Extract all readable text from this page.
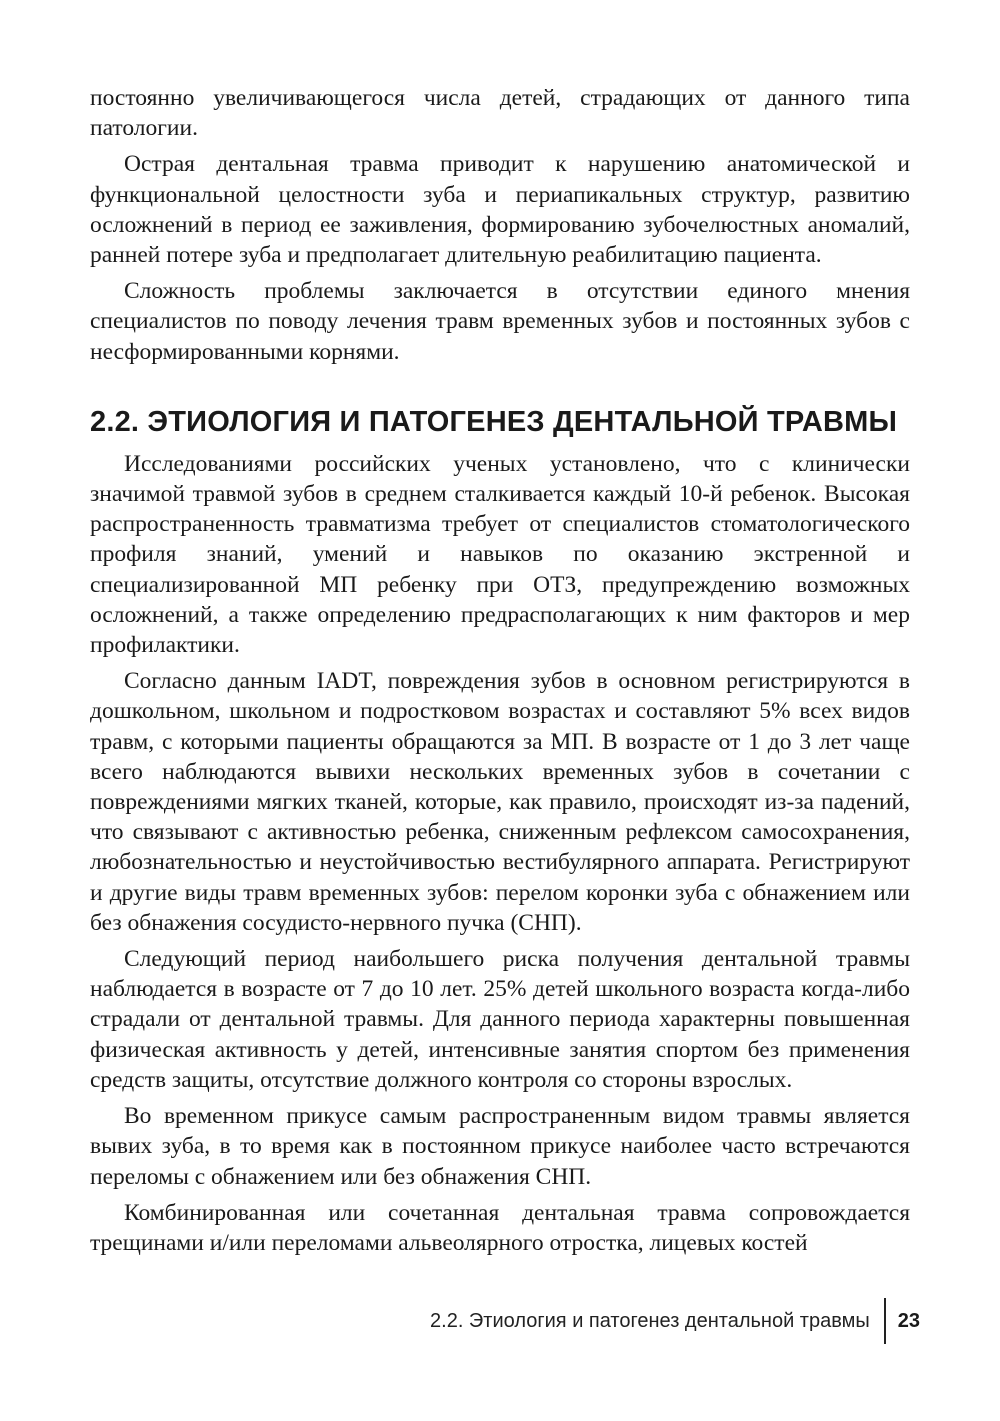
постоянно увеличивающегося числа детей, страдающих от данного типа патологии.

Острая дентальная травма приводит к нарушению анатомической и функциональной целостности зуба и периапикальных структур, развитию осложнений в период ее заживления, формированию зубочелюстных аномалий, ранней потере зуба и предполагает длительную реабилитацию пациента.

Сложность проблемы заключается в отсутствии единого мнения специалистов по поводу лечения травм временных зубов и постоянных зубов с несформированными корнями.

2.2. ЭТИОЛОГИЯ И ПАТОГЕНЕЗ ДЕНТАЛЬНОЙ ТРАВМЫ

Исследованиями российских ученых установлено, что с клинически значимой травмой зубов в среднем сталкивается каждый 10-й ребенок. Высокая распространенность травматизма требует от специалистов стоматологического профиля знаний, умений и навыков по оказанию экстренной и специализированной МП ребенку при ОТЗ, предупреждению возможных осложнений, а также определению предрасполагающих к ним факторов и мер профилактики.

Согласно данным IADT, повреждения зубов в основном регистрируются в дошкольном, школьном и подростковом возрастах и составляют 5% всех видов травм, с которыми пациенты обращаются за МП. В возрасте от 1 до 3 лет чаще всего наблюдаются вывихи нескольких временных зубов в сочетании с повреждениями мягких тканей, которые, как правило, происходят из-за падений, что связывают с активностью ребенка, сниженным рефлексом самосохранения, любознательностью и неустойчивостью вестибулярного аппарата. Регистрируют и другие виды травм временных зубов: перелом коронки зуба с обнажением или без обнажения сосудисто-нервного пучка (СНП).

Следующий период наибольшего риска получения дентальной травмы наблюдается в возрасте от 7 до 10 лет. 25% детей школьного возраста когда-либо страдали от дентальной травмы. Для данного периода характерны повышенная физическая активность у детей, интенсивные занятия спортом без применения средств защиты, отсутствие должного контроля со стороны взрослых.

Во временном прикусе самым распространенным видом травмы является вывих зуба, в то время как в постоянном прикусе наиболее часто встречаются переломы с обнажением или без обнажения СНП.

Комбинированная или сочетанная дентальная травма сопровождается трещинами и/или переломами альвеолярного отростка, лицевых костей

2.2. Этиология и патогенез дентальной травмы	23
